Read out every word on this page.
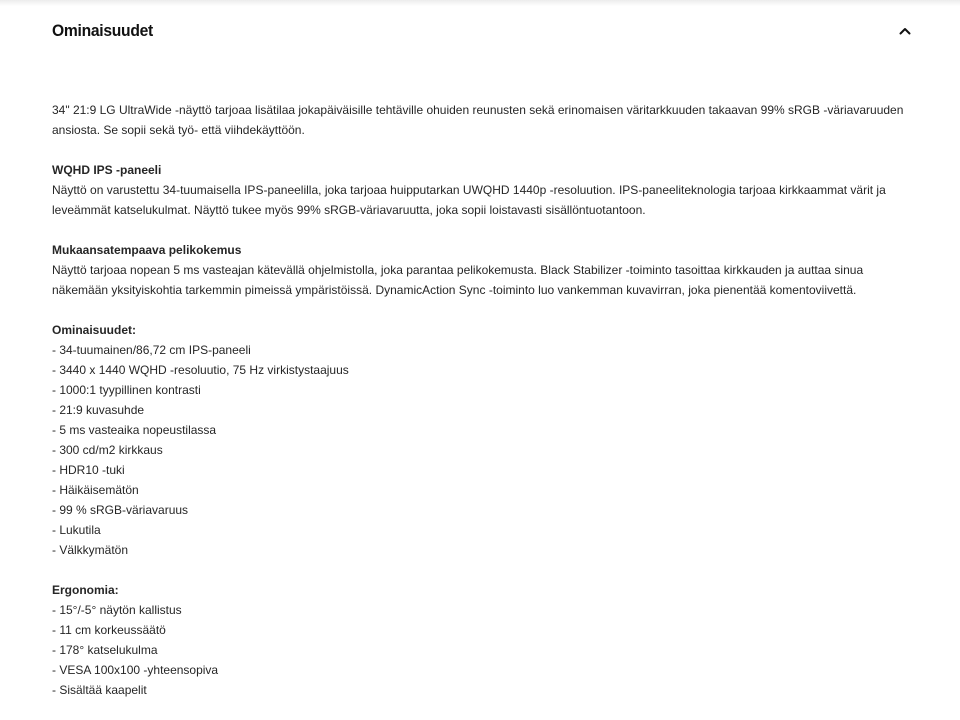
Ominaisuudet

34" 21:9 LG UltraWide -näyttö tarjoaa lisätilaa jokapäiväisille tehtäville ohuiden reunusten sekä erinomaisen väritarkkuuden takaavan 99% sRGB -väriavaruuden ansiosta. Se sopii sekä työ- että viihdekäyttöön.

WQHD IPS -paneeli

Näyttö on varustettu 34-tuumaisella IPS-paneelilla, joka tarjoaa huipputarkan UWQHD 1440p -resoluution. IPS-paneeliteknologia tarjoaa kirkkaammat värit ja leveämmät katselukulmat. Näyttö tukee myös 99% sRGB-väriavaruutta, joka sopii loistavasti sisällöntuotantoon.

Mukaansatempaava pelikokemus

Näyttö tarjoaa nopean 5 ms vasteajan kätevällä ohjelmistolla, joka parantaa pelikokemusta. Black Stabilizer -toiminto tasoittaa kirkkauden ja auttaa sinua näkemään yksityiskohtia tarkemmin pimeissä ympäristöissä. DynamicAction Sync -toiminto luo vankemman kuvavirran, joka pienentää komentoviivettä.

Ominaisuudet:

- 34-tuumainen/86,72 cm IPS-paneeli
- 3440 x 1440 WQHD -resoluutio, 75 Hz virkistystaajuus
- 1000:1 tyypillinen kontrasti
- 21:9 kuvasuhde
- 5 ms vasteaika nopeustilassa
- 300 cd/m2 kirkkaus
- HDR10 -tuki
- Häikäisemätön
- 99 % sRGB-väriavaruus
- Lukutila
- Välkkymätön

Ergonomia:

- 15°/-5° näytön kallistus
- 11 cm korkeussäätö
- 178° katselukulma
- VESA 100x100 -yhteensopiva
- Sisältää kaapelit
